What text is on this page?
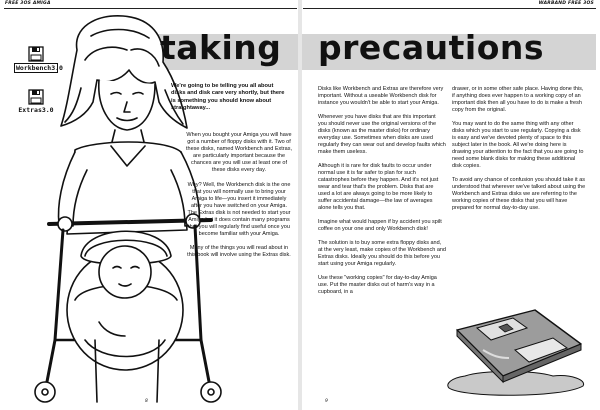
FREE 3OS AMIGA	WARBAND FREE 3OS
taking precautions
Workbench3.0
Extras3.0

We're going to be telling you all about disks and disk care very shortly, but there is something you should know about straightaway...

When you bought your Amiga you will have got a number of floppy disks with it. Two of these disks, named Workbench and Extras, are particularly important because the chances are you will use at least one of these disks every day.

Why? Well, the Workbench disk is the one that you will normally use to bring your Amiga to life—you insert it immediately after you have switched on your Amiga. The Extras disk is not needed to start your Amiga but it does contain many programs that you will regularly find useful once you become familiar with your Amiga.

Many of the things you will read about in this book will involve using the Extras disk.

Disks like Workbench and Extras are therefore very important. Without a useable Workbench disk for instance you wouldn't be able to start your Amiga.

Whenever you have disks that are this important you should never use the original versions of the disks (known as the master disks) for ordinary everyday use. Sometimes when disks are used regularly they can wear out and develop faults which make them useless.

Although it is rare for disk faults to occur under normal use it is far safer to plan for such catastrophes before they happen. And it's not just wear and tear that's the problem. Disks that are used a lot are always going to be more likely to suffer accidental damage—the law of averages alone tells you that.

Imagine what would happen if by accident you spilt coffee on your one and only Workbench disk!

The solution is to buy some extra floppy disks and, at the very least, make copies of the Workbench and Extras disks. Ideally you should do this before you start using your Amiga regularly.

Use these "working copies" for day-to-day Amiga use. Put the master disks out of harm's way in a cupboard, in a

drawer, or in some other safe place. Having done this, if anything does ever happen to a working copy of an important disk then all you have to do is make a fresh copy from the original.

You may want to do the same thing with any other disks which you start to use regularly. Copying a disk is easy and we've devoted plenty of space to this subject later in the book. All we're doing here is drawing your attention to the fact that you are going to need some blank disks for making these additional disk copies.

To avoid any chance of confusion you should take it as understood that wherever we've talked about using the Workbench and Extras disks we are referring to the working copies of these disks that you will have prepared for normal day-to-day use.

8	9
